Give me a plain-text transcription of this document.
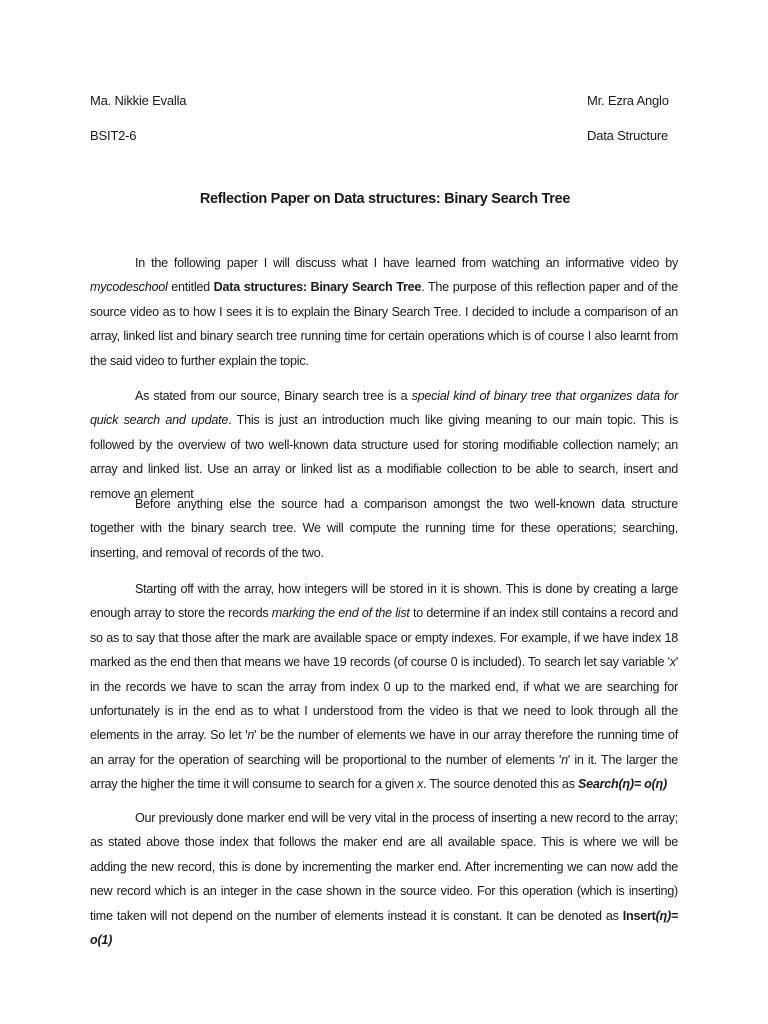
Ma. Nikkie Evalla	Mr. Ezra Anglo
BSIT2-6	Data Structure
Reflection Paper on Data structures: Binary Search Tree
In the following paper I will discuss what I have learned from watching an informative video by mycodeschool entitled Data structures: Binary Search Tree. The purpose of this reflection paper and of the source video as to how I sees it is to explain the Binary Search Tree. I decided to include a comparison of an array, linked list and binary search tree running time for certain operations which is of course I also learnt from the said video to further explain the topic.
As stated from our source, Binary search tree is a special kind of binary tree that organizes data for quick search and update. This is just an introduction much like giving meaning to our main topic. This is followed by the overview of two well-known data structure used for storing modifiable collection namely; an array and linked list. Use an array or linked list as a modifiable collection to be able to search, insert and remove an element
Before anything else the source had a comparison amongst the two well-known data structure together with the binary search tree. We will compute the running time for these operations; searching, inserting, and removal of records of the two.
Starting off with the array, how integers will be stored in it is shown. This is done by creating a large enough array to store the records marking the end of the list to determine if an index still contains a record and so as to say that those after the mark are available space or empty indexes. For example, if we have index 18 marked as the end then that means we have 19 records (of course 0 is included). To search let say variable 'x' in the records we have to scan the array from index 0 up to the marked end, if what we are searching for unfortunately is in the end as to what I understood from the video is that we need to look through all the elements in the array. So let 'n' be the number of elements we have in our array therefore the running time of an array for the operation of searching will be proportional to the number of elements 'n' in it. The larger the array the higher the time it will consume to search for a given x. The source denoted this as Search(η)= o(η)
Our previously done marker end will be very vital in the process of inserting a new record to the array; as stated above those index that follows the maker end are all available space. This is where we will be adding the new record, this is done by incrementing the marker end. After incrementing we can now add the new record which is an integer in the case shown in the source video. For this operation (which is inserting) time taken will not depend on the number of elements instead it is constant. It can be denoted as Insert(η)= o(1)
